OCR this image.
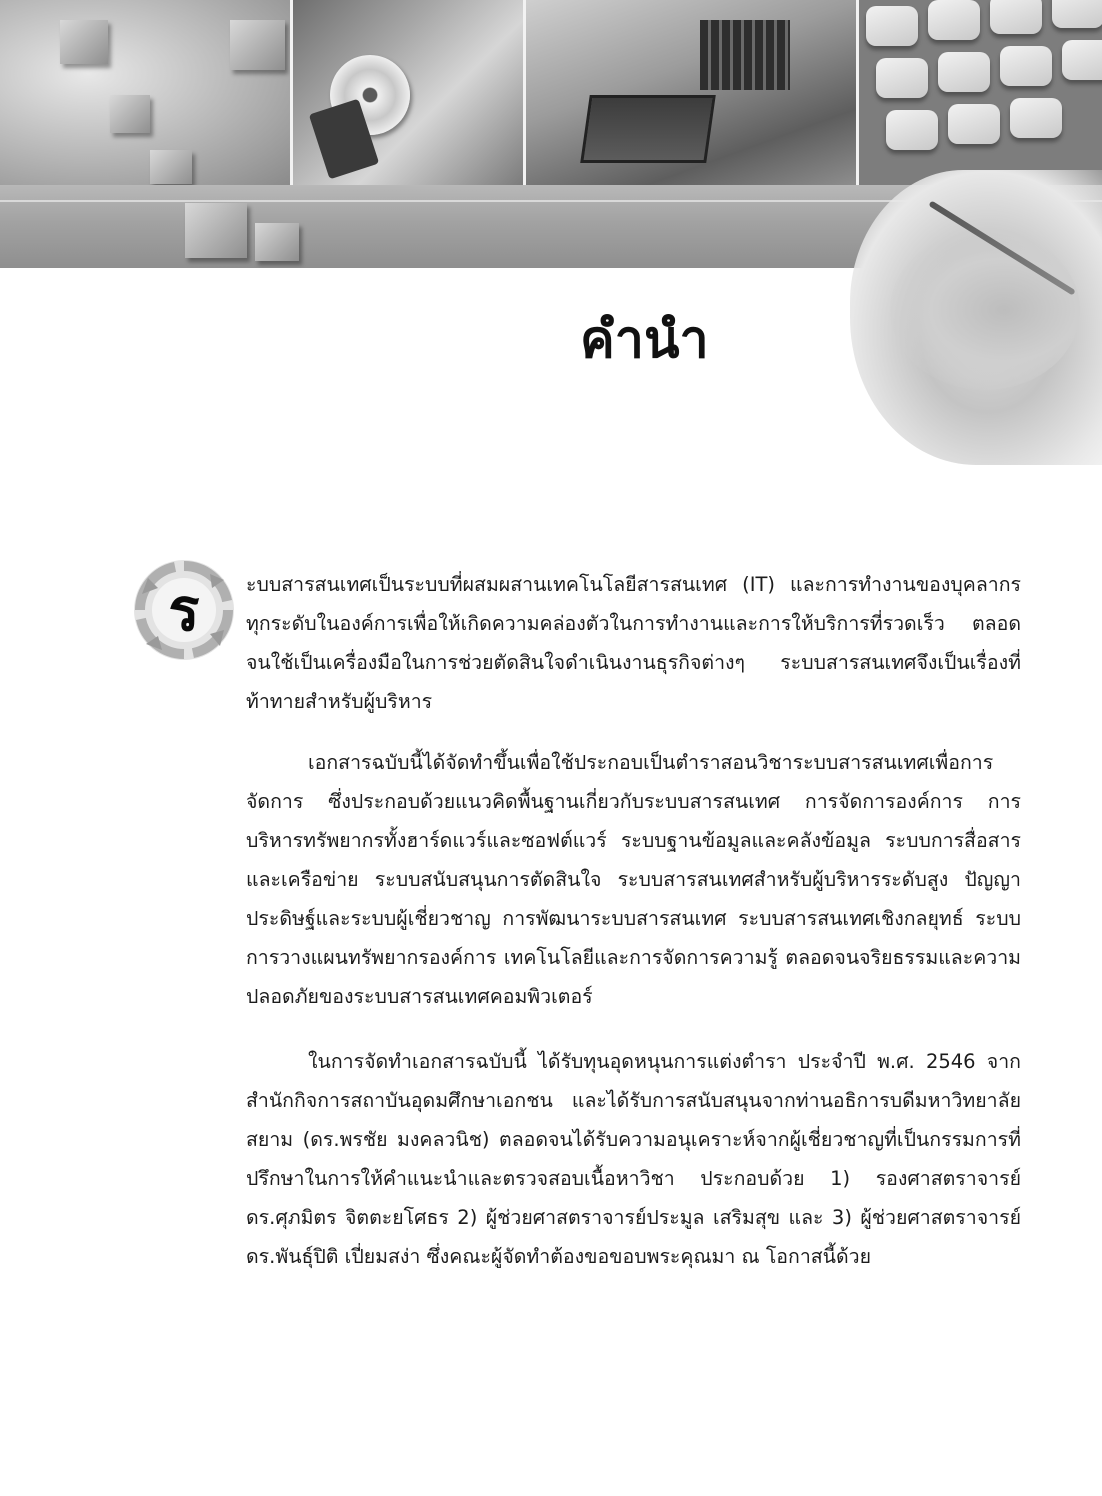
คำนำ
ร	ะบบสารสนเทศเป็นระบบที่ผสมผสานเทคโนโลยีสารสนเทศ (IT) และการทำงานของบุคลากรทุกระดับในองค์การเพื่อให้เกิดความคล่องตัวในการทำงานและการให้บริการที่รวดเร็ว ตลอดจนใช้เป็นเครื่องมือในการช่วยตัดสินใจดำเนินงานธุรกิจต่างๆ ระบบสารสนเทศจึงเป็นเรื่องที่ท้าทายสำหรับผู้บริหาร

เอกสารฉบับนี้ได้จัดทำขึ้นเพื่อใช้ประกอบเป็นตำราสอนวิชาระบบสารสนเทศเพื่อการจัดการ ซึ่งประกอบด้วยแนวคิดพื้นฐานเกี่ยวกับระบบสารสนเทศ การจัดการองค์การ การบริหารทรัพยากรทั้งฮาร์ดแวร์และซอฟต์แวร์ ระบบฐานข้อมูลและคลังข้อมูล ระบบการสื่อสารและเครือข่าย ระบบสนับสนุนการตัดสินใจ ระบบสารสนเทศสำหรับผู้บริหารระดับสูง ปัญญาประดิษฐ์และระบบผู้เชี่ยวชาญ การพัฒนาระบบสารสนเทศ ระบบสารสนเทศเชิงกลยุทธ์ ระบบการวางแผนทรัพยากรองค์การ เทคโนโลยีและการจัดการความรู้ ตลอดจนจริยธรรมและความปลอดภัยของระบบสารสนเทศคอมพิวเตอร์

ในการจัดทำเอกสารฉบับนี้ ได้รับทุนอุดหนุนการแต่งตำรา ประจำปี พ.ศ. 2546 จากสำนักกิจการสถาบันอุดมศึกษาเอกชน และได้รับการสนับสนุนจากท่านอธิการบดีมหาวิทยาลัยสยาม (ดร.พรชัย มงคลวนิช) ตลอดจนได้รับความอนุเคราะห์จากผู้เชี่ยวชาญที่เป็นกรรมการที่ปรึกษาในการให้คำแนะนำและตรวจสอบเนื้อหาวิชา ประกอบด้วย 1) รองศาสตราจารย์ ดร.ศุภมิตร จิตตะยโศธร 2) ผู้ช่วยศาสตราจารย์ประมูล เสริมสุข และ 3) ผู้ช่วยศาสตราจารย์ ดร.พันธุ์ปิติ เปี่ยมสง่า ซึ่งคณะผู้จัดทำต้องขอขอบพระคุณมา ณ โอกาสนี้ด้วย
